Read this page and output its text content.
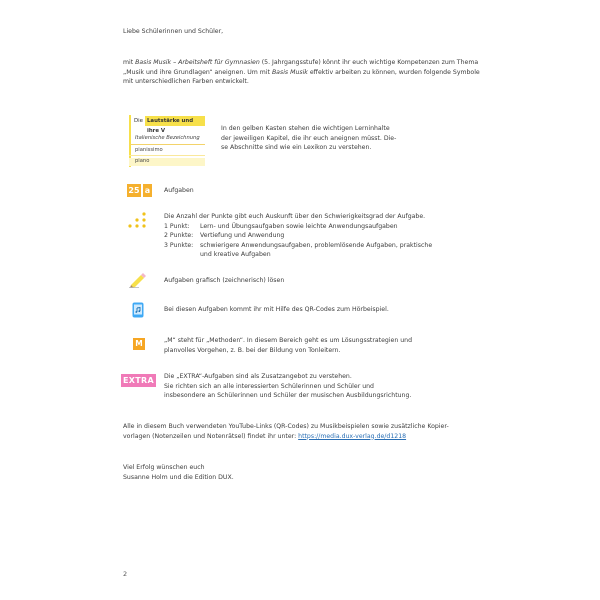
Liebe Schülerinnen und Schüler,
mit Basis Musik – Arbeitsheft für Gymnasien (5. Jahrgangsstufe) könnt ihr euch wichtige Kompetenzen zum Thema
„Musik und ihre Grundlagen“ aneignen. Um mit Basis Musik effektiv arbeiten zu können, wurden folgende Symbole
mit unterschiedlichen Farben entwickelt.
Die Lautstärke und ihre V
Italienische Bezeichnung
pianissimo
piano
In den gelben Kasten stehen die wichtigen Lerninhalte
der jeweiligen Kapitel, die ihr euch aneignen müsst. Die-
se Abschnitte sind wie ein Lexikon zu verstehen.
25 a Aufgaben
Die Anzahl der Punkte gibt euch Auskunft über den Schwierigkeitsgrad der Aufgabe.
1 Punkt: Lern- und Übungsaufgaben sowie leichte Anwendungsaufgaben
2 Punkte: Vertiefung und Anwendung
3 Punkte: schwierigere Anwendungsaufgaben, problemlösende Aufgaben, praktische
und kreative Aufgaben
Aufgaben grafisch (zeichnerisch) lösen
Bei diesen Aufgaben kommt ihr mit Hilfe des QR-Codes zum Hörbeispiel.
M	„M“ steht für „Methoden“. In diesem Bereich geht es um Lösungsstrategien und
planvolles Vorgehen, z. B. bei der Bildung von Tonleitern.
EXTRA	Die „EXTRA“-Aufgaben sind als Zusatzangebot zu verstehen.
Sie richten sich an alle interessierten Schülerinnen und Schüler und
insbesondere an Schülerinnen und Schüler der musischen Ausbildungsrichtung.
Alle in diesem Buch verwendeten YouTube-Links (QR-Codes) zu Musikbeispielen sowie zusätzliche Kopier-
vorlagen (Notenzeilen und Notenrätsel) findet ihr unter: https://media.dux-verlag.de/d1218
Viel Erfolg wünschen euch
Susanne Holm und die Edition DUX.
2
